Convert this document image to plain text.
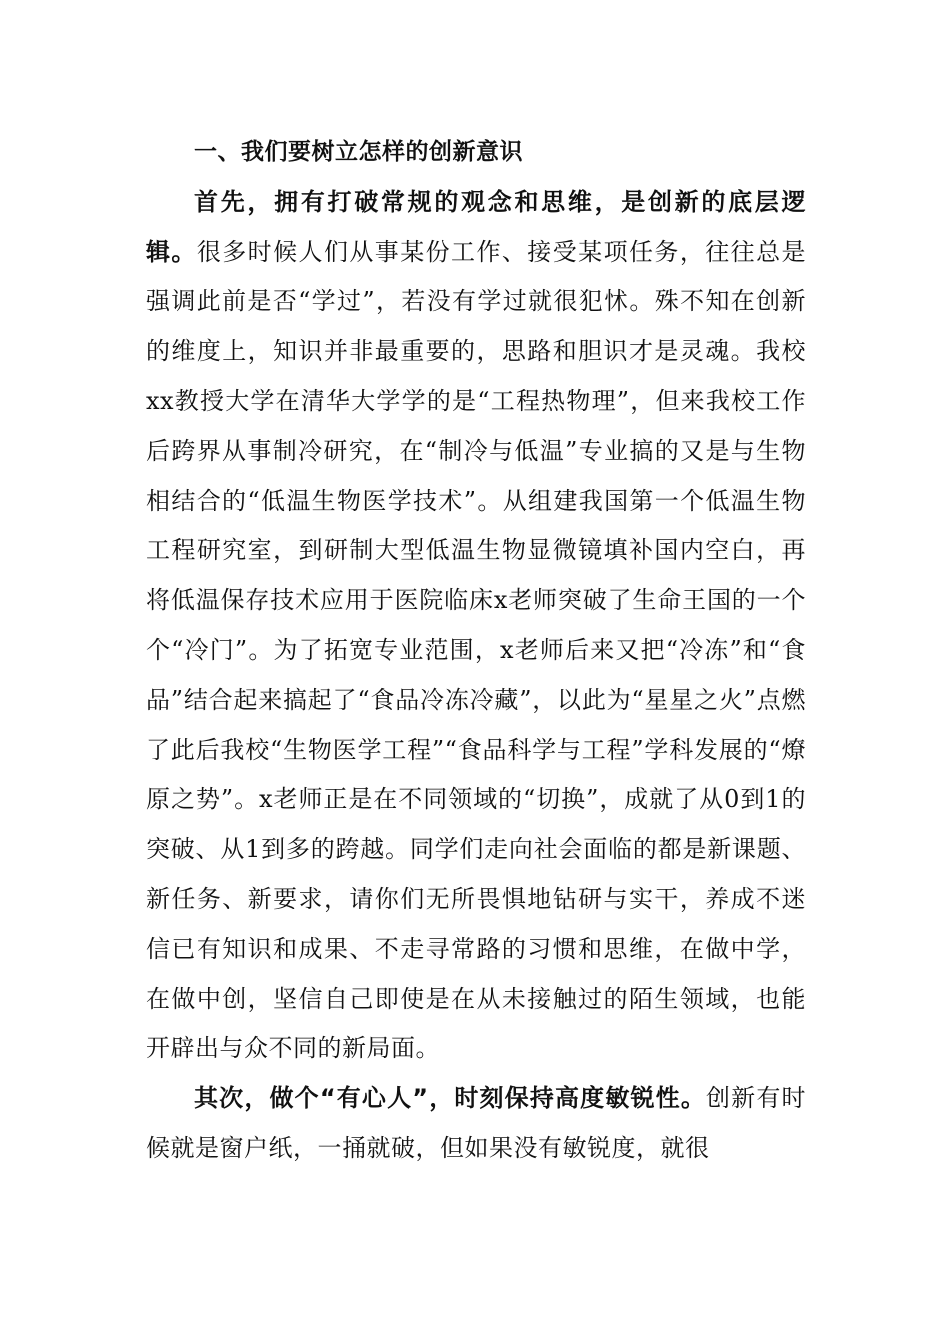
一、我们要树立怎样的创新意识

首先，拥有打破常规的观念和思维，是创新的底层逻辑。很多时候人们从事某份工作、接受某项任务，往往总是强调此前是否“学过”，若没有学过就很犯怵。殊不知在创新的维度上，知识并非最重要的，思路和胆识才是灵魂。我校xx教授大学在清华大学学的是“工程热物理”，但来我校工作后跨界从事制冷研究，在“制冷与低温”专业搞的又是与生物相结合的“低温生物医学技术”。从组建我国第一个低温生物工程研究室，到研制大型低温生物显微镜填补国内空白，再将低温保存技术应用于医院临床x老师突破了生命王国的一个个“冷门”。为了拓宽专业范围，x老师后来又把“冷冻”和“食品”结合起来搞起了“食品冷冻冷藏”，以此为“星星之火”点燃了此后我校“生物医学工程”“食品科学与工程”学科发展的“燎原之势”。x老师正是在不同领域的“切换”，成就了从0到1的突破、从1到多的跨越。同学们走向社会面临的都是新课题、新任务、新要求，请你们无所畏惧地钻研与实干，养成不迷信已有知识和成果、不走寻常路的习惯和思维，在做中学，在做中创，坚信自己即使是在从未接触过的陌生领域，也能开辟出与众不同的新局面。

其次，做个“有心人”，时刻保持高度敏锐性。创新有时候就是窗户纸，一捅就破，但如果没有敏锐度，就很
